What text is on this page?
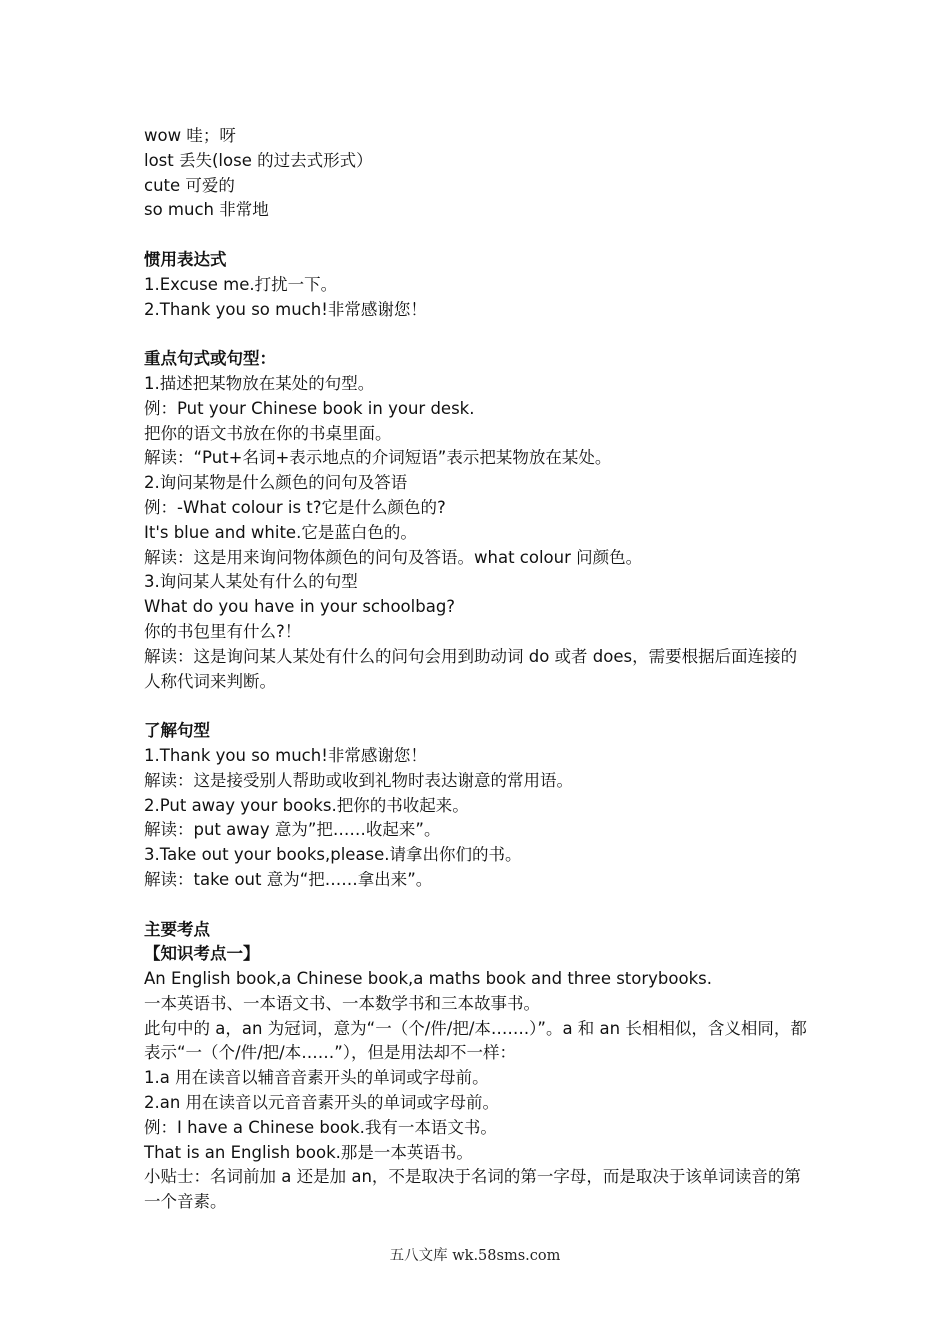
wow 哇；呀

lost 丢失(lose 的过去式形式）

cute 可爱的

so much 非常地

惯用表达式

1.Excuse me.打扰一下。

2.Thank you so much!非常感谢您！

重点句式或句型：

1.描述把某物放在某处的句型。

例：Put your Chinese book in your desk.

把你的语文书放在你的书桌里面。

解读：“Put+名词+表示地点的介词短语”表示把某物放在某处。

2.询问某物是什么颜色的问句及答语

例：-What colour is t?它是什么颜色的?

It's blue and white.它是蓝白色的。

解读：这是用来询问物体颜色的问句及答语。what colour 问颜色。

3.询问某人某处有什么的句型

What do you have in your schoolbag?

你的书包里有什么?！

解读：这是询问某人某处有什么的问句会用到助动词 do 或者 does，需要根据后面连接的人称代词来判断。

了解句型

1.Thank you so much!非常感谢您！

解读：这是接受别人帮助或收到礼物时表达谢意的常用语。

2.Put away your books.把你的书收起来。

解读：put away 意为”把……收起来”。

3.Take out your books,please.请拿出你们的书。

解读：take out 意为“把……拿出来”。

主要考点

【知识考点一】

An English book,a Chinese book,a maths book and three storybooks.

一本英语书、一本语文书、一本数学书和三本故事书。

此句中的 a，an 为冠词，意为“一（个/件/把/本…….）”。a 和 an 长相相似，含义相同，都表示“一（个/件/把/本……”），但是用法却不一样：

1.a 用在读音以辅音音素开头的单词或字母前。

2.an 用在读音以元音音素开头的单词或字母前。

例：I have a Chinese book.我有一本语文书。

That is an English book.那是一本英语书。

小贴士：名词前加 a 还是加 an，不是取决于名词的第一字母，而是取决于该单词读音的第一个音素。

五八文库 wk.58sms.com
